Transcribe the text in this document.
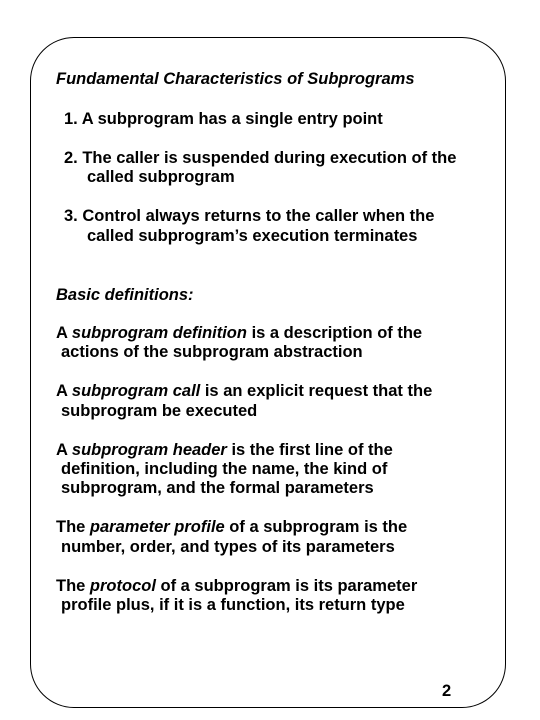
Fundamental Characteristics of Subprograms
1. A subprogram has a single entry point
2. The caller is suspended during execution of the
called subprogram
3. Control always returns to the caller when the
called subprogram’s execution terminates
Basic definitions:
A subprogram definition is a description of the
actions of the subprogram abstraction
A subprogram call is an explicit request that the
subprogram be executed
A subprogram header is the first line of the
definition, including the name, the kind of
subprogram, and the formal parameters
The parameter profile of a subprogram is the
number, order, and types of its parameters
The protocol of a subprogram is its parameter
profile plus, if it is a function, its return type
2
